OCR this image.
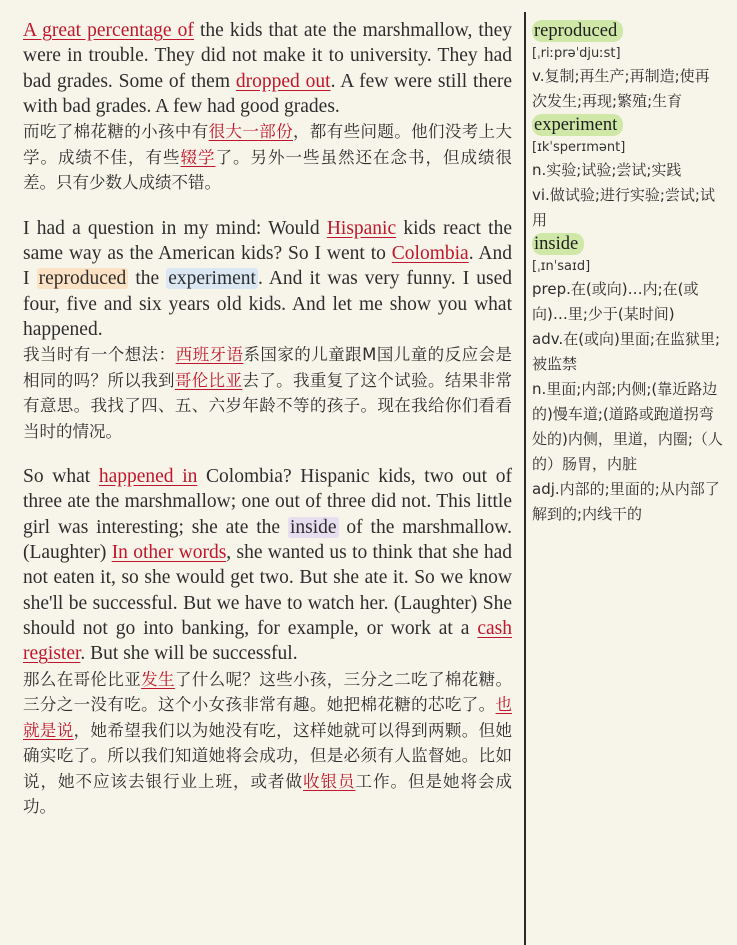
A great percentage of the kids that ate the marshmallow, they were in trouble. They did not make it to university. They had bad grades. Some of them dropped out. A few were still there with bad grades. A few had good grades.

而吃了棉花糖的小孩中有很大一部份，都有些问题。他们没考上大学。成绩不佳，有些辍学了。另外一些虽然还在念书，但成绩很差。只有少数人成绩不错。

I had a question in my mind: Would Hispanic kids react the same way as the American kids? So I went to Colombia. And I reproduced the experiment . And it was very funny. I used four, five and six years old kids. And let me show you what happened.

我当时有一个想法：西班牙语系国家的儿童跟M国儿童的反应会是相同的吗？所以我到哥伦比亚去了。我重复了这个试验。结果非常有意思。我找了四、五、六岁年龄不等的孩子。现在我给你们看看当时的情况。

So what happened in Colombia? Hispanic kids, two out of three ate the marshmallow; one out of three did not. This little girl was interesting; she ate the inside of the marshmallow. (Laughter) In other words, she wanted us to think that she had not eaten it, so she would get two. But she ate it. So we know she'll be successful. But we have to watch her. (Laughter) She should not go into banking, for example, or work at a cash register. But she will be successful.

那么在哥伦比亚发生了什么呢？这些小孩，三分之二吃了棉花糖。三分之一没有吃。这个小女孩非常有趣。她把棉花糖的芯吃了。也就是说，她希望我们以为她没有吃，这样她就可以得到两颗。但她确实吃了。所以我们知道她将会成功，但是必须有人监督她。比如说，她不应该去银行业上班，或者做收银员工作。但是她将会成功。

reproduced
[ˌriːprəˈdjuːst]
v.复制;再生产;再制造;使再次发生;再现;繁殖;生育
experiment
[ɪkˈsperɪmənt]
n.实验;试验;尝试;实践
vi.做试验;进行实验;尝试;试用
inside
[ˌɪnˈsaɪd]
prep.在(或向)…内;在(或向)…里;少于(某时间)
adv.在(或向)里面;在监狱里;被监禁
n.里面;内部;内侧;(靠近路边的)慢车道;(道路或跑道拐弯处的)内侧，里道，内圈;（人的）肠胃，内脏
adj.内部的;里面的;从内部了解到的;内线干的
